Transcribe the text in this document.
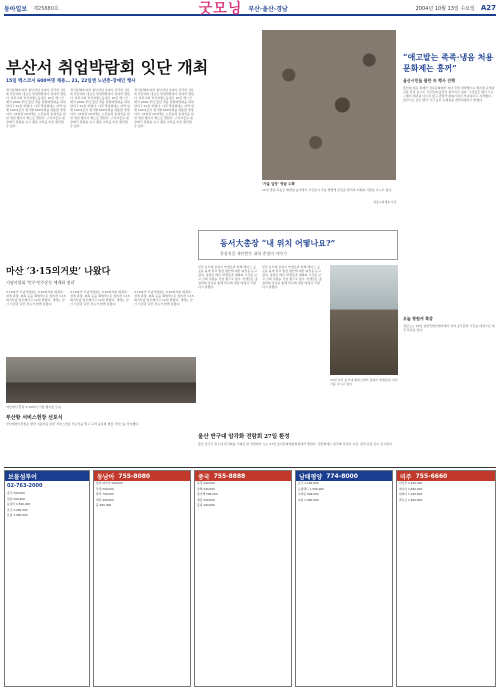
동아일보 제25880호	굿모닝 부산·울산·경남	2004년 10월 13일 수요일 A27
부산서 취업박람회 잇단 개최
15일 벡스코서 600여명 채용… 21, 22일엔 노년층·장애인 행사
경기침체에 따른 청년실업 문제가 심각한 가운데 부산에서 대규모 취업박람회가 잇따라 열린다. 부산시와 부산지방노동청은 15일 벡스코에서 2004 부산·울산·경남 취업박람회를 개최한다고 12일 밝혔다. 이번 박람회에는 지역 업체 100여곳이 참가해 600여명을 채용할 예정이다. 21일과 22일에는 노년층과 장애인을 위한 취업 행사가 별도로 열린다. 구직자들은 현장에서 면접을 보고 채용 여부를 바로 확인할 수 있다.
경기침체에 따른 청년실업 문제가 심각한 가운데 부산에서 대규모 취업박람회가 잇따라 열린다. 부산시와 부산지방노동청은 15일 벡스코에서 2004 부산·울산·경남 취업박람회를 개최한다고 12일 밝혔다. 이번 박람회에는 지역 업체 100여곳이 참가해 600여명을 채용할 예정이다. 21일과 22일에는 노년층과 장애인을 위한 취업 행사가 별도로 열린다. 구직자들은 현장에서 면접을 보고 채용 여부를 바로 확인할 수 있다.
경기침체에 따른 청년실업 문제가 심각한 가운데 부산에서 대규모 취업박람회가 잇따라 열린다. 부산시와 부산지방노동청은 15일 벡스코에서 2004 부산·울산·경남 취업박람회를 개최한다고 12일 밝혔다. 이번 박람회에는 지역 업체 100여곳이 참가해 600여명을 채용할 예정이다. 21일과 22일에는 노년층과 장애인을 위한 취업 행사가 별도로 열린다. 구직자들은 현장에서 면접을 보고 채용 여부를 바로 확인할 수 있다.
'가을 입맛' 영글 수확
12일 경남 하동군 화개면 농가에서 주민들이 가을 햇볕에 곶감을 말리며 수확의 기쁨을 나누고 있다.
하동=최재호기자
“애고발는 족족·냉음 처용문화제는 흥꺼”
울산시민들 불만 속 행사 진행
울산의 대표 축제인 처용문화제가 지난 주말 개막했으나 행사장 운영과 교통 혼잡 등으로 시민들의 불만이 쏟아지고 있다. 시민들은 행사 프로그램이 예년과 다르지 않고 관람객 편의시설이 부족하다고 지적했다. 울산시는 남은 행사 기간 동안 문제점을 개선하겠다고 밝혔다.
오늘 창원서 특강
경남도는 13일 창원컨벤션센터에서 지역 공무원과 시민을 대상으로 혁신 특강을 연다.
동서大총장 “내 위치 어떻나요?”
총장직을 제안받은 대학 총장의 이야기
부산 동서대 총장이 학생들과 함께 캠퍼스 곳곳을 돌며 학교 발전 방안에 대한 의견을 듣고 있다. 총장은 매주 학생들과 대화의 시간을 갖고 건의 사항을 직접 챙기고 있다. 학생들은 총장과의 만남을 통해 학교에 대한 애정이 커졌다고 말했다.
부산 동서대 총장이 학생들과 함께 캠퍼스 곳곳을 돌며 학교 발전 방안에 대한 의견을 듣고 있다. 총장은 매주 학생들과 대화의 시간을 갖고 건의 사항을 직접 챙기고 있다. 학생들은 총장과의 만남을 통해 학교에 대한 애정이 커졌다고 말했다.
12일 부산 동서대 캠퍼스에서 총장이 학생들과 이야기를 나누고 있다.
마산 ‘3·15의거史’ 나왔다
기념사업회 ‘민주·민주운동 체계화 정리’
3·15의거 기념사업회는 3·15의거의 배경과 전개 과정, 의의 등을 체계적으로 정리한 3·15의거사를 발간했다고 12일 밝혔다. 책에는 당시 사진과 증언 자료가 함께 실렸다.
3·15의거 기념사업회는 3·15의거의 배경과 전개 과정, 의의 등을 체계적으로 정리한 3·15의거사를 발간했다고 12일 밝혔다. 책에는 당시 사진과 증언 자료가 함께 실렸다.
3·15의거 기념사업회는 3·15의거의 배경과 전개 과정, 의의 등을 체계적으로 정리한 3·15의거사를 발간했다고 12일 밝혔다. 책에는 당시 사진과 증언 자료가 함께 실렸다.
마산에서 열린 3·15의거 기념 행사장 모습
부산항 서비스헌장 선포식
부산해양수산청은 항만 이용자를 위한 서비스헌장 선포식을 열고 고객 중심의 행정 서비스를 약속했다.
울산 반구대 암각화 전람회 27일 환정
울산 울주군 반구대 암각화를 주제로 한 전람회가 오는 27일 울산문화예술회관에서 열린다. 전람회에는 암각화 탁본과 사진, 관련 유물 등이 전시된다.
보물섬투어
02-763-2000
중국 399,000
일본 590,000
동남아 1,590,000
호주 1,290,000
유럽 1,990,000
동남아 755-8080
방콕 파타야 399,000
푸켓 599,000
발리 799,000
세부 499,000
괌 690,000
중국 755-8888
북경 299,000
상해 349,000
장가계 599,000
계림 529,000
홍콩 499,000
남태평양 774-8000
호주 1,190,000
뉴질랜드 1,590,000
사이판 599,000
피지 1,390,000
미주 755-6660
미서부 1,490,000
캐나다 1,690,000
하와이 1,190,000
멕시코 1,990,000
